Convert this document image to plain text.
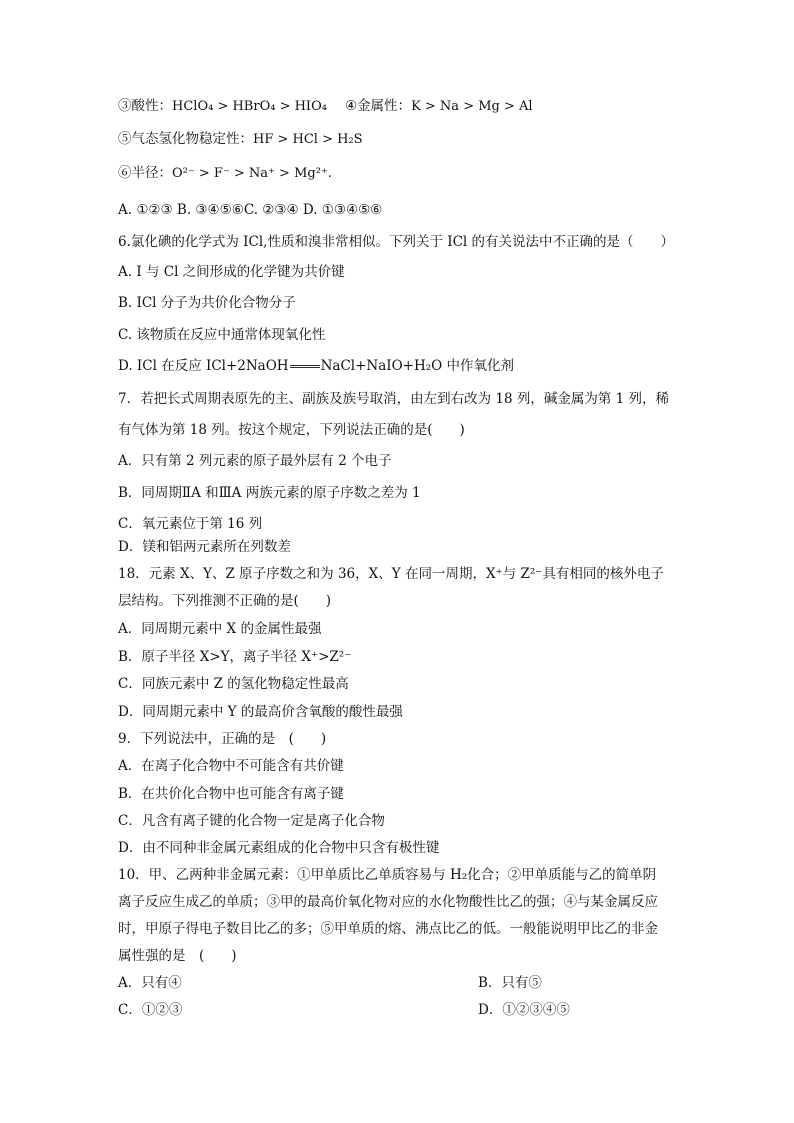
③酸性：HClO₄ > HBrO₄ > HIO₄ ④金属性：K > Na > Mg > Al
⑤气态氢化物稳定性：HF > HCl > H₂S
⑥半径：O²⁻ > F⁻ > Na⁺ > Mg²⁺.
A. ①②③ B. ③④⑤⑥C. ②③④ D. ①③④⑤⑥
6.氯化碘的化学式为 ICl,性质和溴非常相似。下列关于 ICl 的有关说法中不正确的是（　　）
A. I 与 Cl 之间形成的化学键为共价键
B. ICl 分子为共价化合物分子
C. 该物质在反应中通常体现氧化性
D. ICl 在反应 ICl+2NaOH NaCl+NaIO+H₂O 中作氧化剂
7．若把长式周期表原先的主、副族及族号取消，由左到右改为 18 列，碱金属为第 1 列，稀
有气体为第 18 列。按这个规定，下列说法正确的是(　　)
A．只有第 2 列元素的原子最外层有 2 个电子
B．同周期ⅡA 和ⅢA 两族元素的原子序数之差为 1
C．氧元素位于第 16 列
D．镁和铝两元素所在列数差
18．元素 X、Y、Z 原子序数之和为 36，X、Y 在同一周期，X⁺与 Z²⁻具有相同的核外电子
层结构。下列推测不正确的是(　　)
A．同周期元素中 X 的金属性最强
B．原子半径 X>Y，离子半径 X⁺>Z²⁻
C．同族元素中 Z 的氢化物稳定性最高
D．同周期元素中 Y 的最高价含氧酸的酸性最强
9．下列说法中，正确的是　(　　)
A．在离子化合物中不可能含有共价键
B．在共价化合物中也可能含有离子键
C．凡含有离子键的化合物一定是离子化合物
D．由不同种非金属元素组成的化合物中只含有极性键
10．甲、乙两种非金属元素：①甲单质比乙单质容易与 H₂化合；②甲单质能与乙的简单阴
离子反应生成乙的单质；③甲的最高价氧化物对应的水化物酸性比乙的强；④与某金属反应
时，甲原子得电子数目比乙的多；⑤甲单质的熔、沸点比乙的低。一般能说明甲比乙的非金
属性强的是　(　　)
A．只有④	B．只有⑤
C．①②③	D．①②③④⑤
